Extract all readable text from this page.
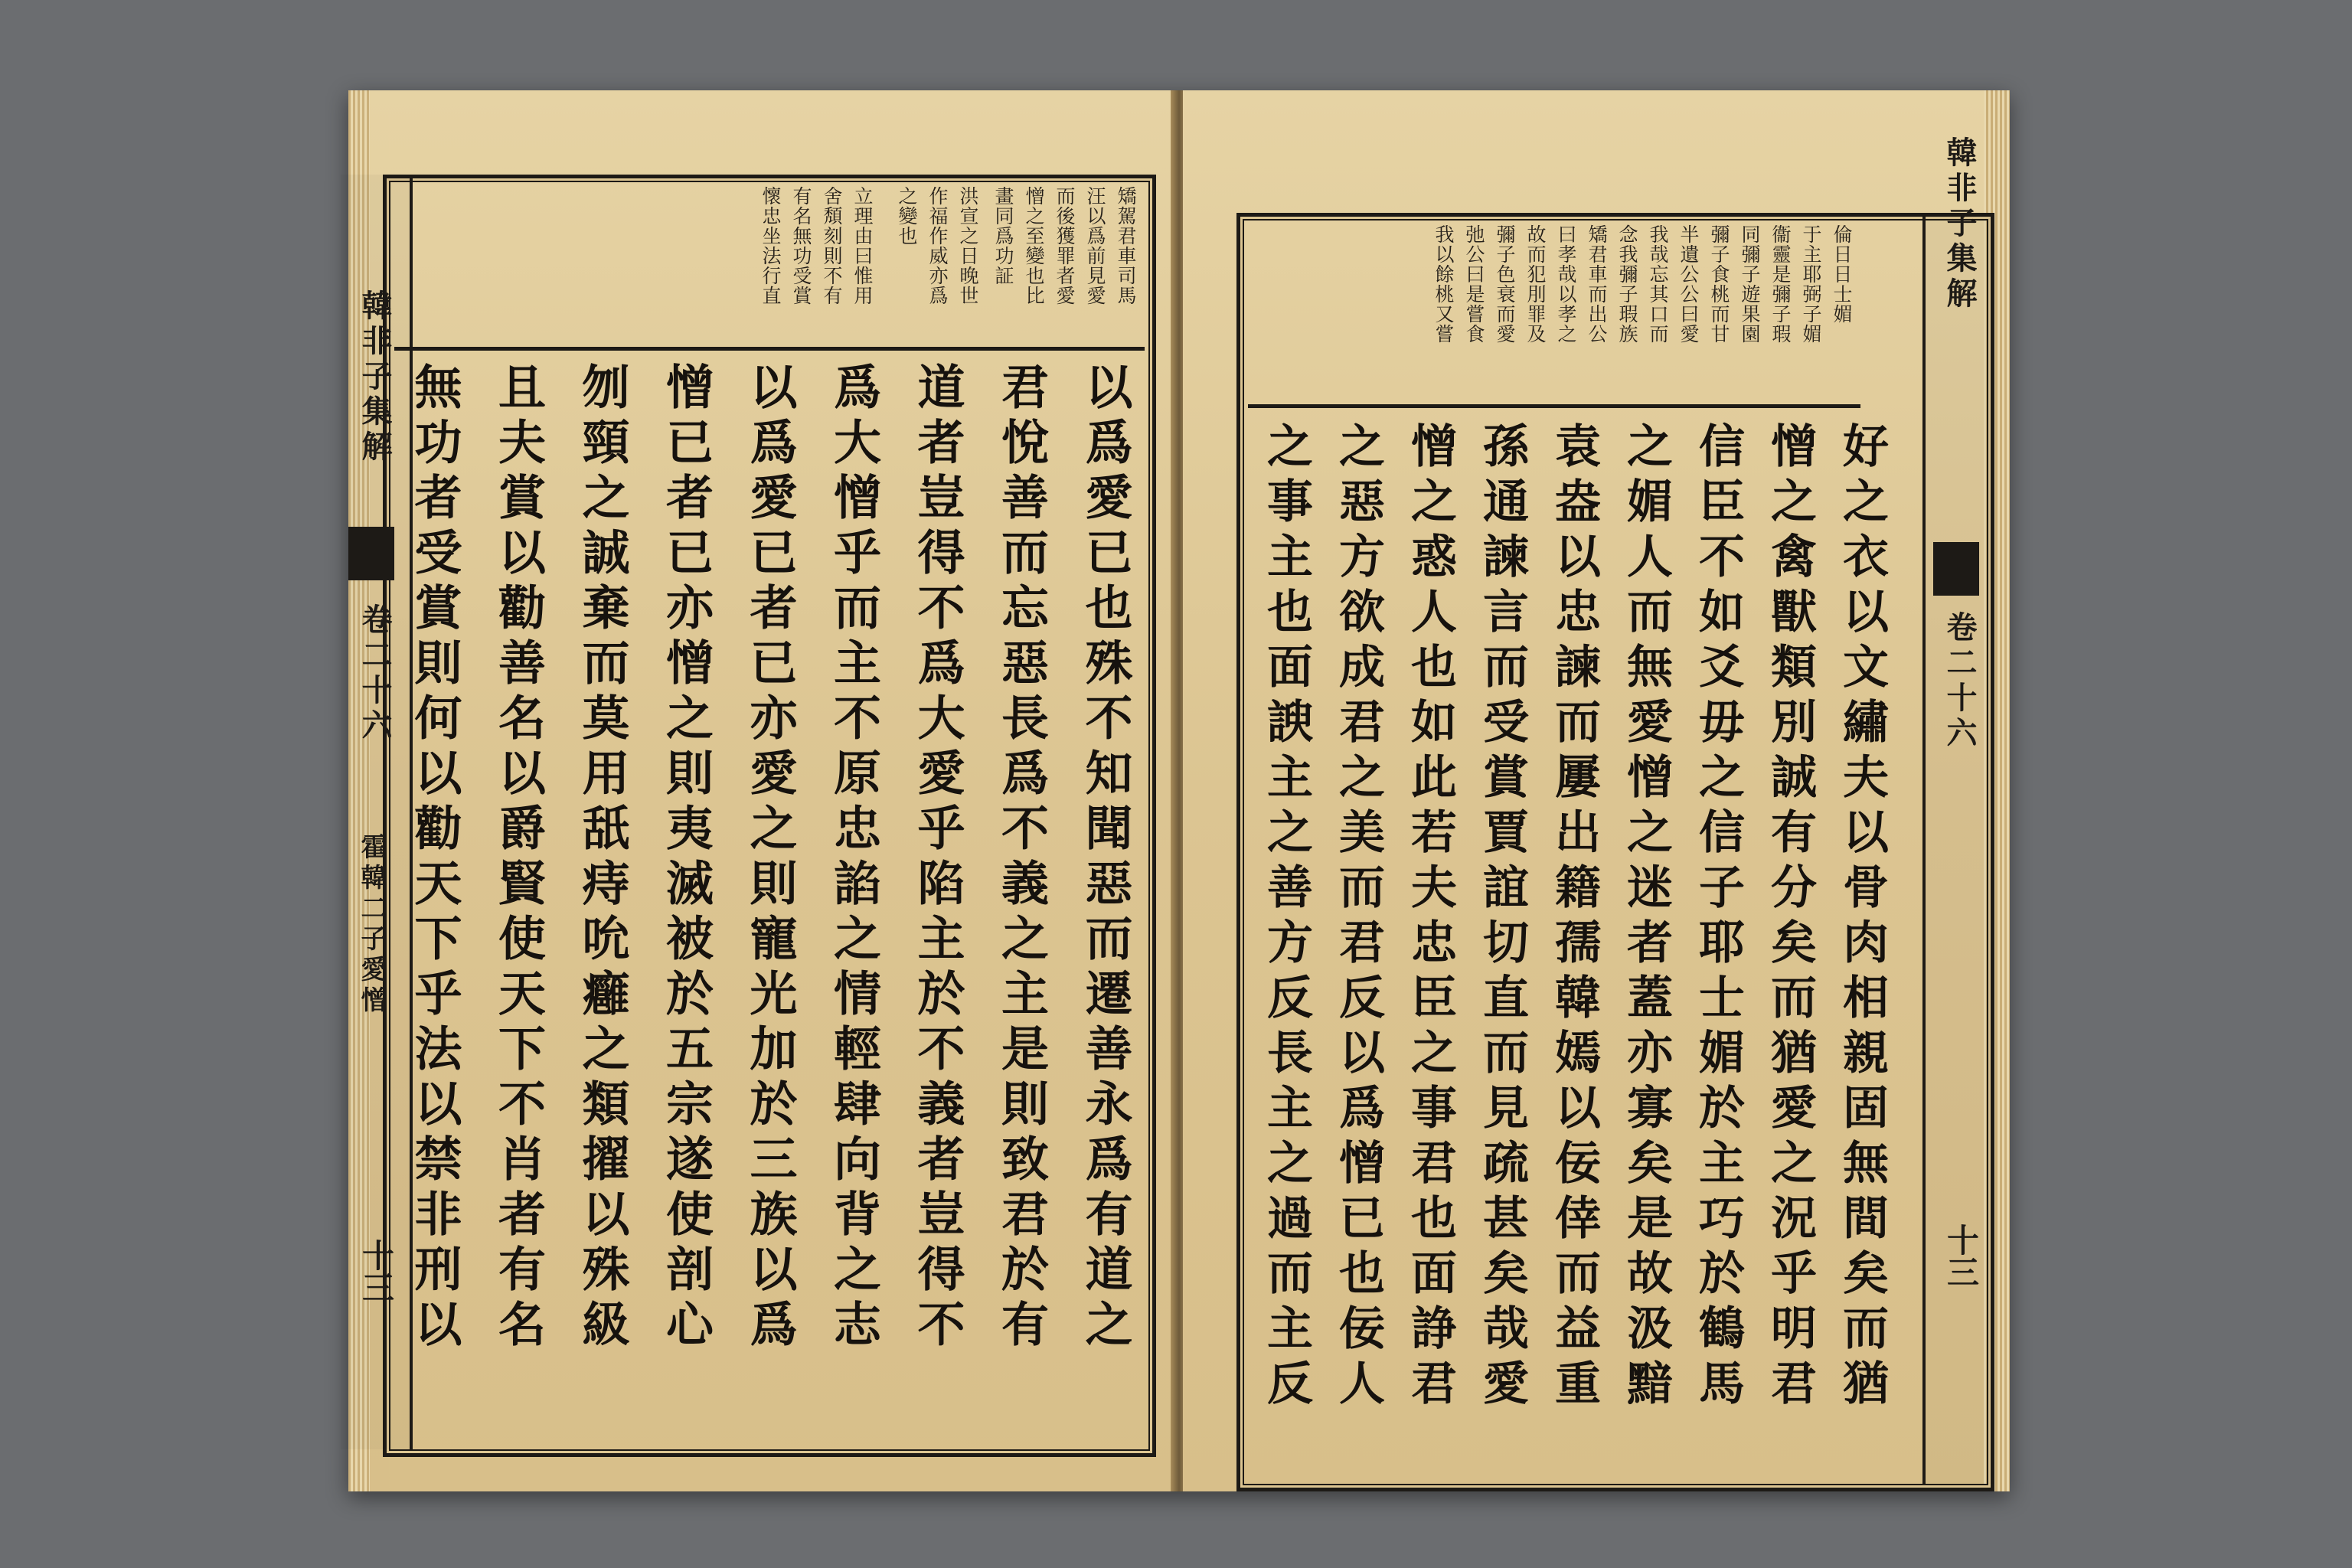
韓非子集解
卷二十六
霍韓二子愛憎
十三
矯駕君車司馬
汪以爲前見愛
而後獲罪者愛
憎之至變也比
畫同爲功証
洪宣之日晚世
作福作威亦爲
之變也
立理由曰惟用
舍頽刻則不有
有名無功受賞
懷忠坐法行直
以爲愛已也殊不知聞惡而遷善永爲有道之
君悅善而忘惡長爲不義之主是則致君於有
道者豈得不爲大愛乎陷主於不義者豈得不
爲大憎乎而主不原忠諂之情輕肆向背之志
以爲愛已者已亦愛之則寵光加於三族以爲
憎已者已亦憎之則夷滅被於五宗遂使剖心
刎頸之誠棄而莫用舐痔吮癰之類擢以殊級
且夫賞以勸善名以爵賢使天下不肖者有名
無功者受賞則何以勸天下乎法以禁非刑以
韓非子集解
卷二十六
十三
倫日日士媚
于主耶弼子媚
衞靈是彌子瑕
同彌子遊果園
彌子食桃而甘
半遺公公曰愛
我哉忘其口而
念我彌子瑕族
矯君車而出公
曰孝哉以孝之
故而犯刖罪及
彌子色衰而愛
弛公曰是嘗食
我以餘桃又嘗
好之衣以文繡夫以骨肉相親固無間矣而猶
憎之禽獸類別誠有分矣而猶愛之況乎明君
信臣不如爻毋之信子耶士媚於主巧於鶴馬
之媚人而無愛憎之迷者蓋亦寡矣是故汲黯
袁盎以忠諫而屢出籍孺韓嫣以佞倖而益重
孫通諫言而受賞賈誼切直而見疏甚矣哉愛
憎之惑人也如此若夫忠臣之事君也面諍君
之惡方欲成君之美而君反以爲憎已也佞人
之事主也面諛主之善方反長主之過而主反
